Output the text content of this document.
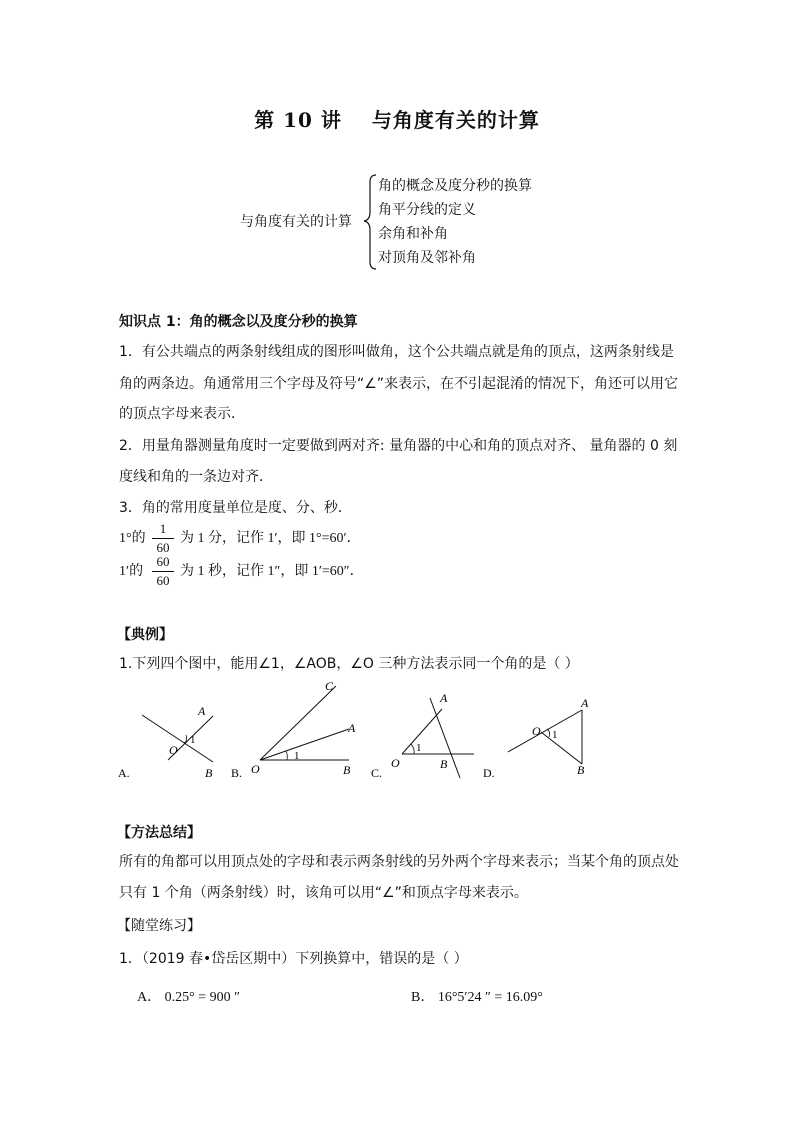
第 10 讲 与角度有关的计算
与角度有关的计算
角的概念及度分秒的换算
角平分线的定义
余角和补角
对顶角及邻补角
知识点 1：角的概念以及度分秒的换算
1．有公共端点的两条射线组成的图形叫做角，这个公共端点就是角的顶点，这两条射线是
角的两条边。角通常用三个字母及符号“∠”来表示，在不引起混淆的情况下，角还可以用它
的顶点字母来表示．
2．用量角器测量角度时一定要做到两对齐: 量角器的中心和角的顶点对齐、 量角器的 0 刻
度线和角的一条边对齐．
3．角的常用度量单位是度、分、秒．
1°的
1
60
为 1 分，记作 1′，即 1°=60′．
1′的
60
60
为 1 秒，记作 1″，即 1′=60″．
【典例】
1.下列四个图中，能用∠1，∠AOB，∠O 三种方法表示同一个角的是（ ）
A
O
1
B
A.
C
A
O
1
B
B.
A
O
1
B
C.
A
O 1
B
D.
【方法总结】
所有的角都可以用顶点处的字母和表示两条射线的另外两个字母来表示；当某个角的顶点处
只有 1 个角（两条射线）时，该角可以用“∠”和顶点字母来表示。
【随堂练习】
1．（2019 春•岱岳区期中）下列换算中，错误的是（ ）
A． 0.25° = 900 ″	B． 16°5′24 ″ = 16.09°
